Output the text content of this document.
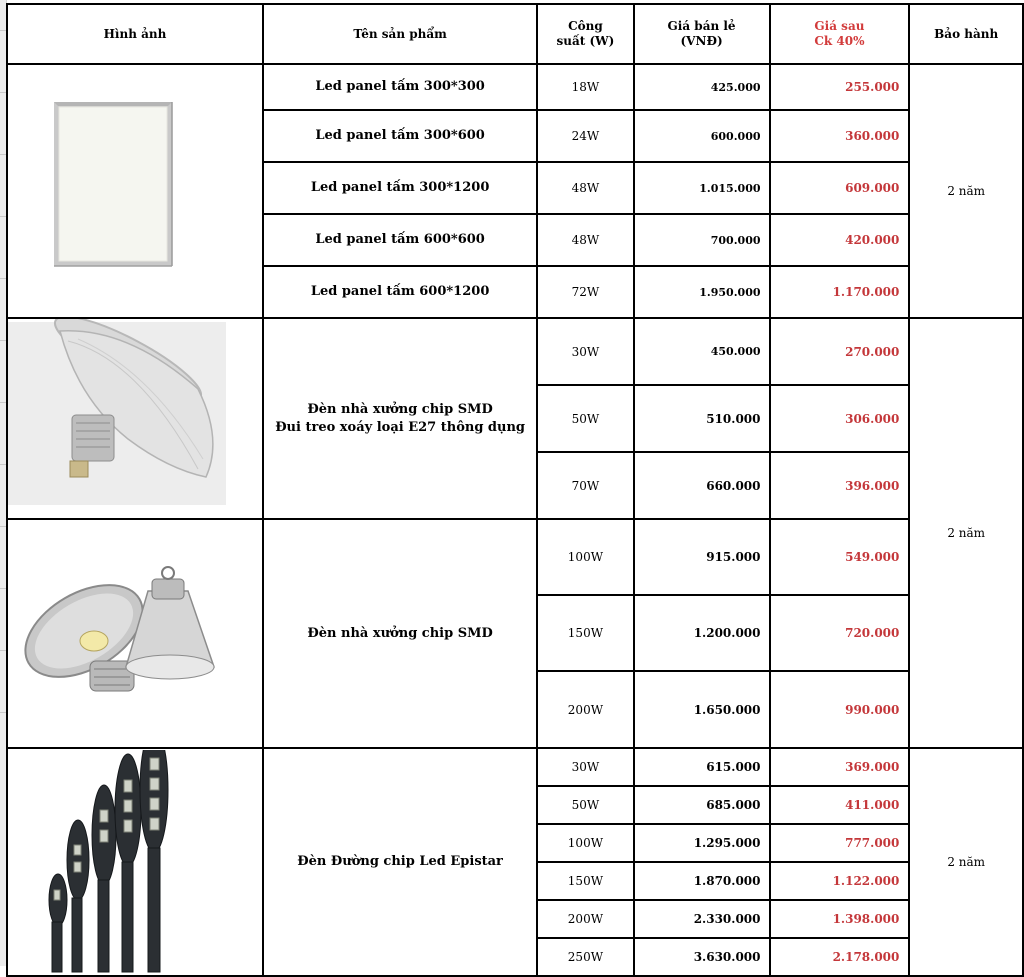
Hình ảnh	Tên sản phẩm	Công suất (W)	Giá bán lẻ (VNĐ)	Giá sau Ck 40%	Bảo hành

	Led panel tấm 300*300	18W	425.000	255.000	2 năm

	Led panel tấm 300*600	24W	600.000	360.000	
	Led panel tấm 300*1200	48W	1.015.000	609.000	
	Led panel tấm 600*600	48W	700.000	420.000	
	Led panel tấm 600*1200	72W	1.950.000	1.170.000	

Đèn nhà xưởng chip SMD
Đui treo xoáy loại E27 thông dụng	30W	450.000	270.000	2 năm

		50W	510.000	306.000	
		70W	660.000	396.000	

	Đèn nhà xưởng chip SMD	100W	915.000	549.000	
		150W	1.200.000	720.000	
		200W	1.650.000	990.000	

	Đèn Đường chip Led Epistar	30W	615.000	369.000	2 năm

		50W	685.000	411.000	
		100W	1.295.000	777.000	
		150W	1.870.000	1.122.000	
		200W	2.330.000	1.398.000	
		250W	3.630.000	2.178.000	
